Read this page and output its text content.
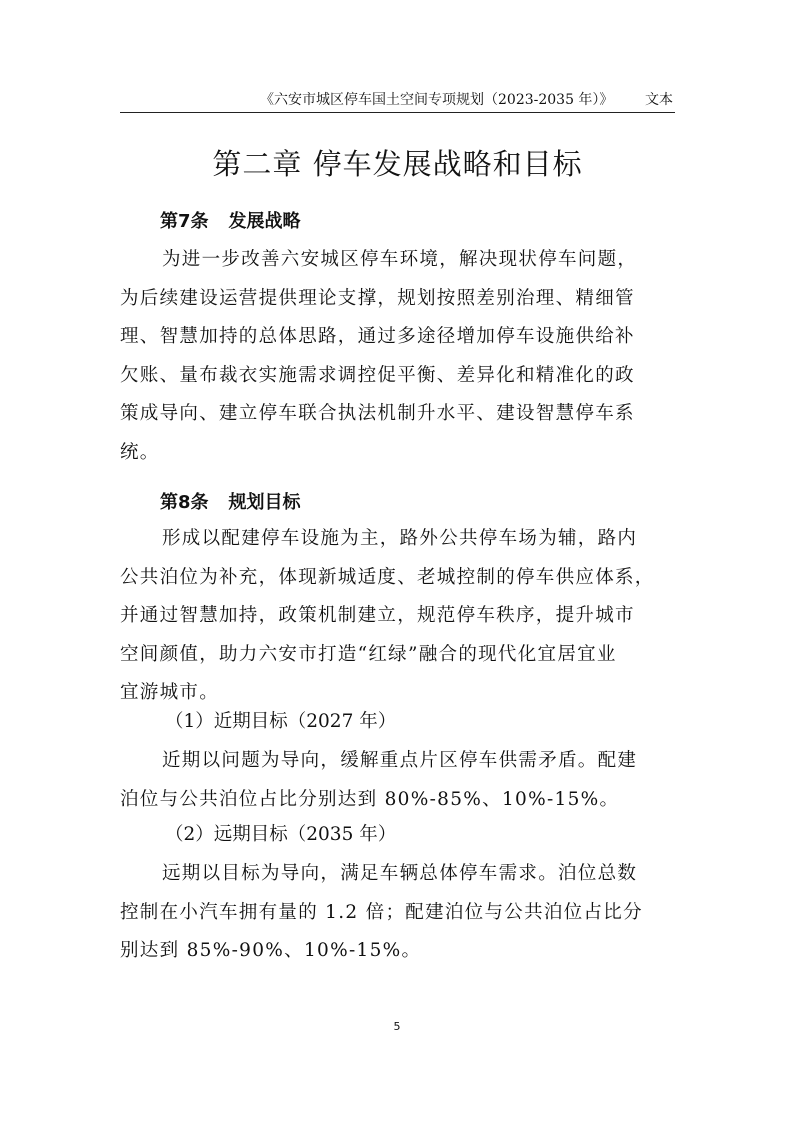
《六安市城区停车国土空间专项规划（2023-2035 年）》 文本
第二章 停车发展战略和目标
第7条 发展战略
为进一步改善六安城区停车环境，解决现状停车问题，
为后续建设运营提供理论支撑，规划按照差别治理、精细管
理、智慧加持的总体思路，通过多途径增加停车设施供给补
欠账、量布裁衣实施需求调控促平衡、差异化和精准化的政
策成导向、建立停车联合执法机制升水平、建设智慧停车系
统。
第8条 规划目标
形成以配建停车设施为主，路外公共停车场为辅，路内
公共泊位为补充，体现新城适度、老城控制的停车供应体系，
并通过智慧加持，政策机制建立，规范停车秩序，提升城市
空间颜值，助力六安市打造“红绿”融合的现代化宜居宜业
宜游城市。
（1）近期目标（2027 年）
近期以问题为导向，缓解重点片区停车供需矛盾。配建
泊位与公共泊位占比分别达到 80%-85%、10%-15%。
（2）远期目标（2035 年）
远期以目标为导向，满足车辆总体停车需求。泊位总数
控制在小汽车拥有量的 1.2 倍；配建泊位与公共泊位占比分
别达到 85%-90%、10%-15%。
5
